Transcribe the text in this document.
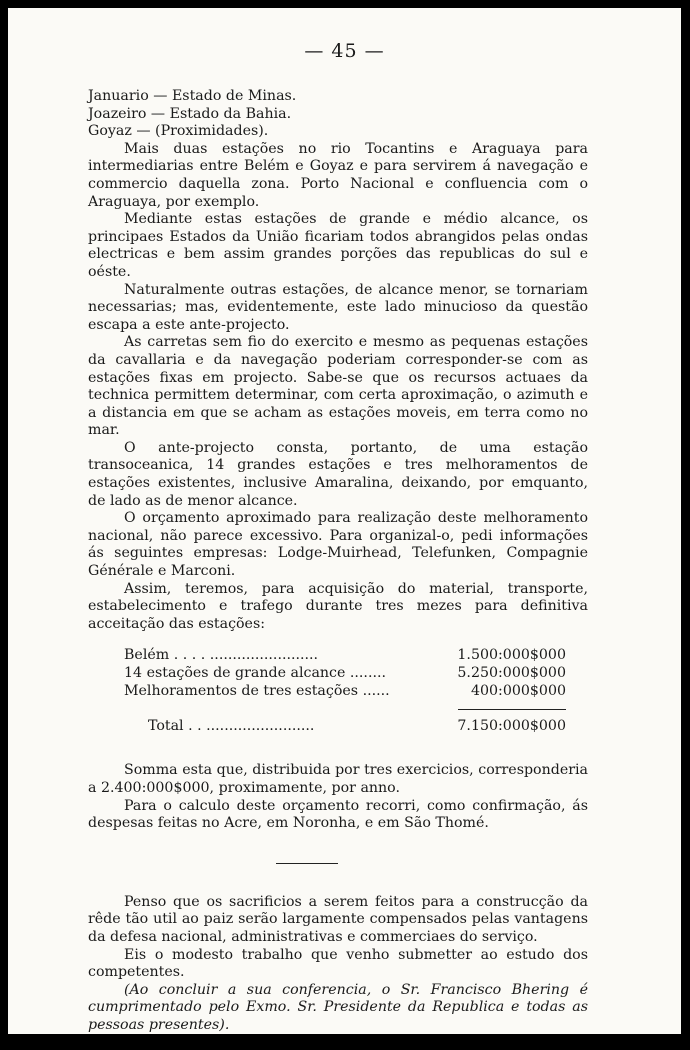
— 45 —

Januario — Estado de Minas.

Joazeiro — Estado da Bahia.

Goyaz — (Proximidades).

Mais duas estações no rio Tocantins e Araguaya para intermediarias entre Belém e Goyaz e para servirem á navegação e commercio daquella zona. Porto Nacional e confluencia com o Araguaya, por exemplo.

Mediante estas estações de grande e médio alcance, os principaes Estados da União ficariam todos abrangidos pelas ondas electricas e bem assim grandes porções das republicas do sul e oéste.

Naturalmente outras estações, de alcance menor, se tornariam necessarias; mas, evidentemente, este lado minucioso da questão escapa a este ante-projecto.

As carretas sem fio do exercito e mesmo as pequenas estações da cavallaria e da navegação poderiam corresponder-se com as estações fixas em projecto. Sabe-se que os recursos actuaes da technica permittem determinar, com certa aproximação, o azimuth e a distancia em que se acham as estações moveis, em terra como no mar.

O ante-projecto consta, portanto, de uma estação transoceanica, 14 grandes estações e tres melhoramentos de estações existentes, inclusive Amaralina, deixando, por emquanto, de lado as de menor alcance.

O orçamento aproximado para realização deste melhoramento nacional, não parece excessivo. Para organizal-o, pedi informações ás seguintes empresas: Lodge-Muirhead, Telefunken, Compagnie Générale e Marconi.

Assim, teremos, para acquisição do material, transporte, estabelecimento e trafego durante tres mezes para definitiva acceitação das estações:

Belém . . . . ........................	1.500:000$000
14 estações de grande alcance ........	5.250:000$000
Melhoramentos de tres estações ......	400:000$000
Total . . ........................	7.150:000$000

Somma esta que, distribuida por tres exercicios, corresponderia a 2.400:000$000, proximamente, por anno.

Para o calculo deste orçamento recorri, como confirmação, ás despesas feitas no Acre, em Noronha, e em São Thomé.

Penso que os sacrificios a serem feitos para a construcção da rêde tão util ao paiz serão largamente compensados pelas vantagens da defesa nacional, administrativas e commerciaes do serviço.

Eis o modesto trabalho que venho submetter ao estudo dos competentes.

(Ao concluir a sua conferencia, o Sr. Francisco Bhering é cumprimentado pelo Exmo. Sr. Presidente da Republica e todas as pessoas presentes).
